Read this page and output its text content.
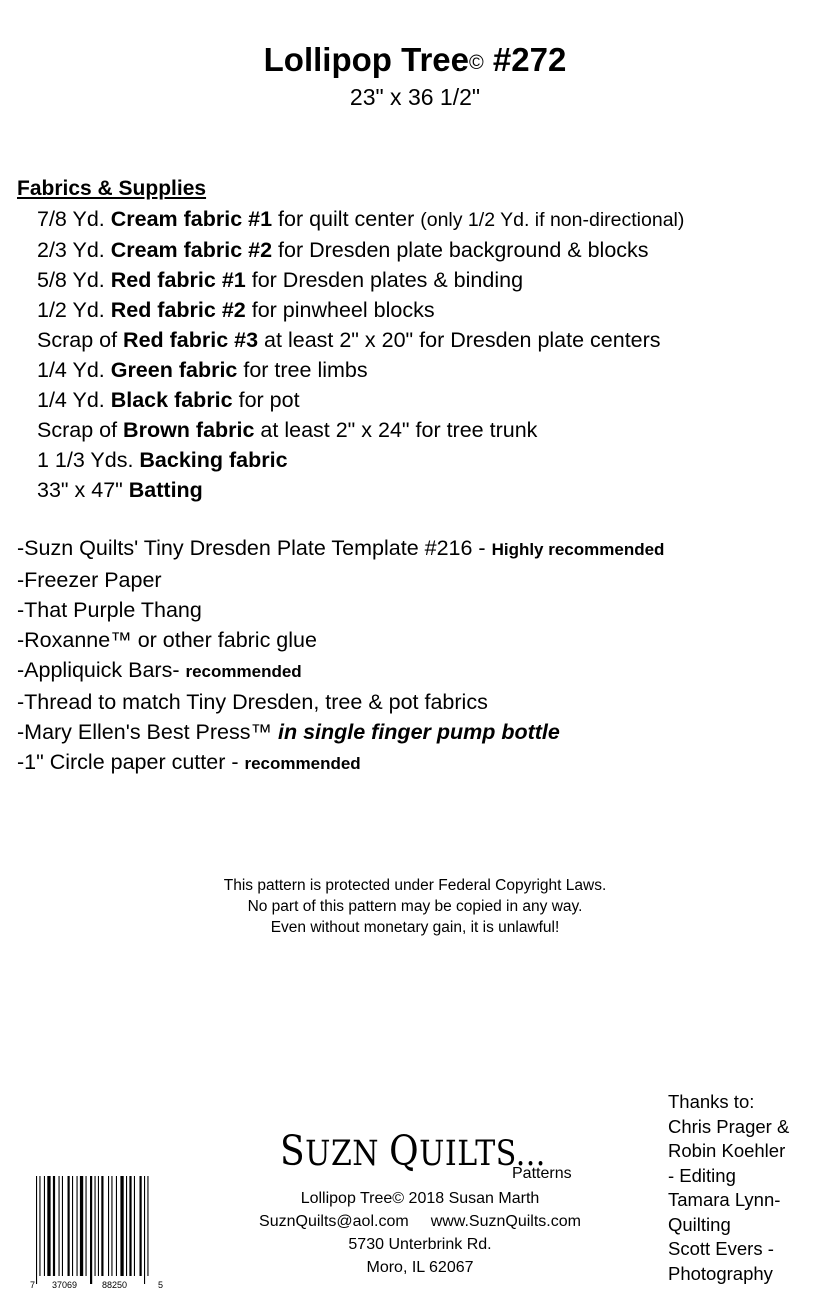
Lollipop Tree© #272
23" x 36 1/2"
Fabrics & Supplies
7/8 Yd. Cream fabric #1 for quilt center (only 1/2 Yd. if non-directional)
2/3 Yd. Cream fabric #2 for Dresden plate background & blocks
5/8 Yd. Red fabric #1 for Dresden plates & binding
1/2 Yd. Red fabric #2 for pinwheel blocks
Scrap of Red fabric #3 at least 2" x 20" for Dresden plate centers
1/4 Yd. Green fabric for tree limbs
1/4 Yd. Black fabric for pot
Scrap of Brown fabric at least 2" x 24" for tree trunk
1 1/3 Yds. Backing fabric
33" x 47" Batting
-Suzn Quilts' Tiny Dresden Plate Template #216 - Highly recommended
-Freezer Paper
-That Purple Thang
-Roxanne™ or other fabric glue
-Appliquick Bars- recommended
-Thread to match Tiny Dresden, tree & pot fabrics
-Mary Ellen's Best Press™ in single finger pump bottle
-1" Circle paper cutter - recommended
This pattern is protected under Federal Copyright Laws.
No part of this pattern may be copied in any way.
Even without monetary gain, it is unlawful!
Thanks to:
Chris Prager &
Robin Koehler
- Editing
Tamara Lynn-
Quilting
Scott Evers -
Photography
SUZN QUILTS...
Patterns
Lollipop Tree© 2018 Susan Marth
SuznQuilts@aol.com www.SuznQuilts.com
5730 Unterbrink Rd.
Moro, IL 62067
7 37069	88250	5
